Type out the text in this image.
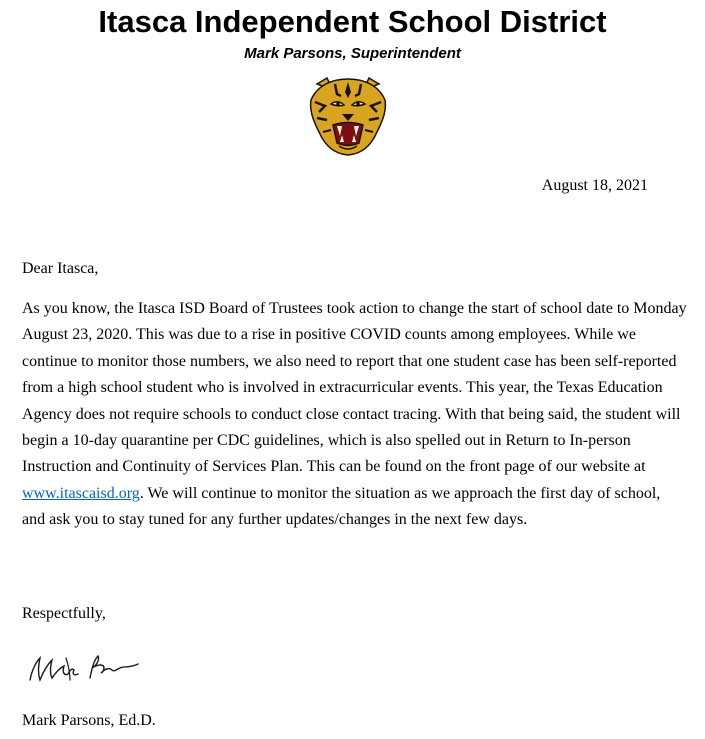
Itasca Independent School District
Mark Parsons, Superintendent
August 18, 2021
Dear Itasca,

As you know, the Itasca ISD Board of Trustees took action to change the start of school date to Monday August 23, 2020. This was due to a rise in positive COVID counts among employees. While we continue to monitor those numbers, we also need to report that one student case has been self-reported from a high school student who is involved in extracurricular events. This year, the Texas Education Agency does not require schools to conduct close contact tracing. With that being said, the student will begin a 10-day quarantine per CDC guidelines, which is also spelled out in Return to In-person Instruction and Continuity of Services Plan. This can be found on the front page of our website at www.itascaisd.org. We will continue to monitor the situation as we approach the first day of school, and ask you to stay tuned for any further updates/changes in the next few days.

Respectfully,
Mark Parsons, Ed.D.
